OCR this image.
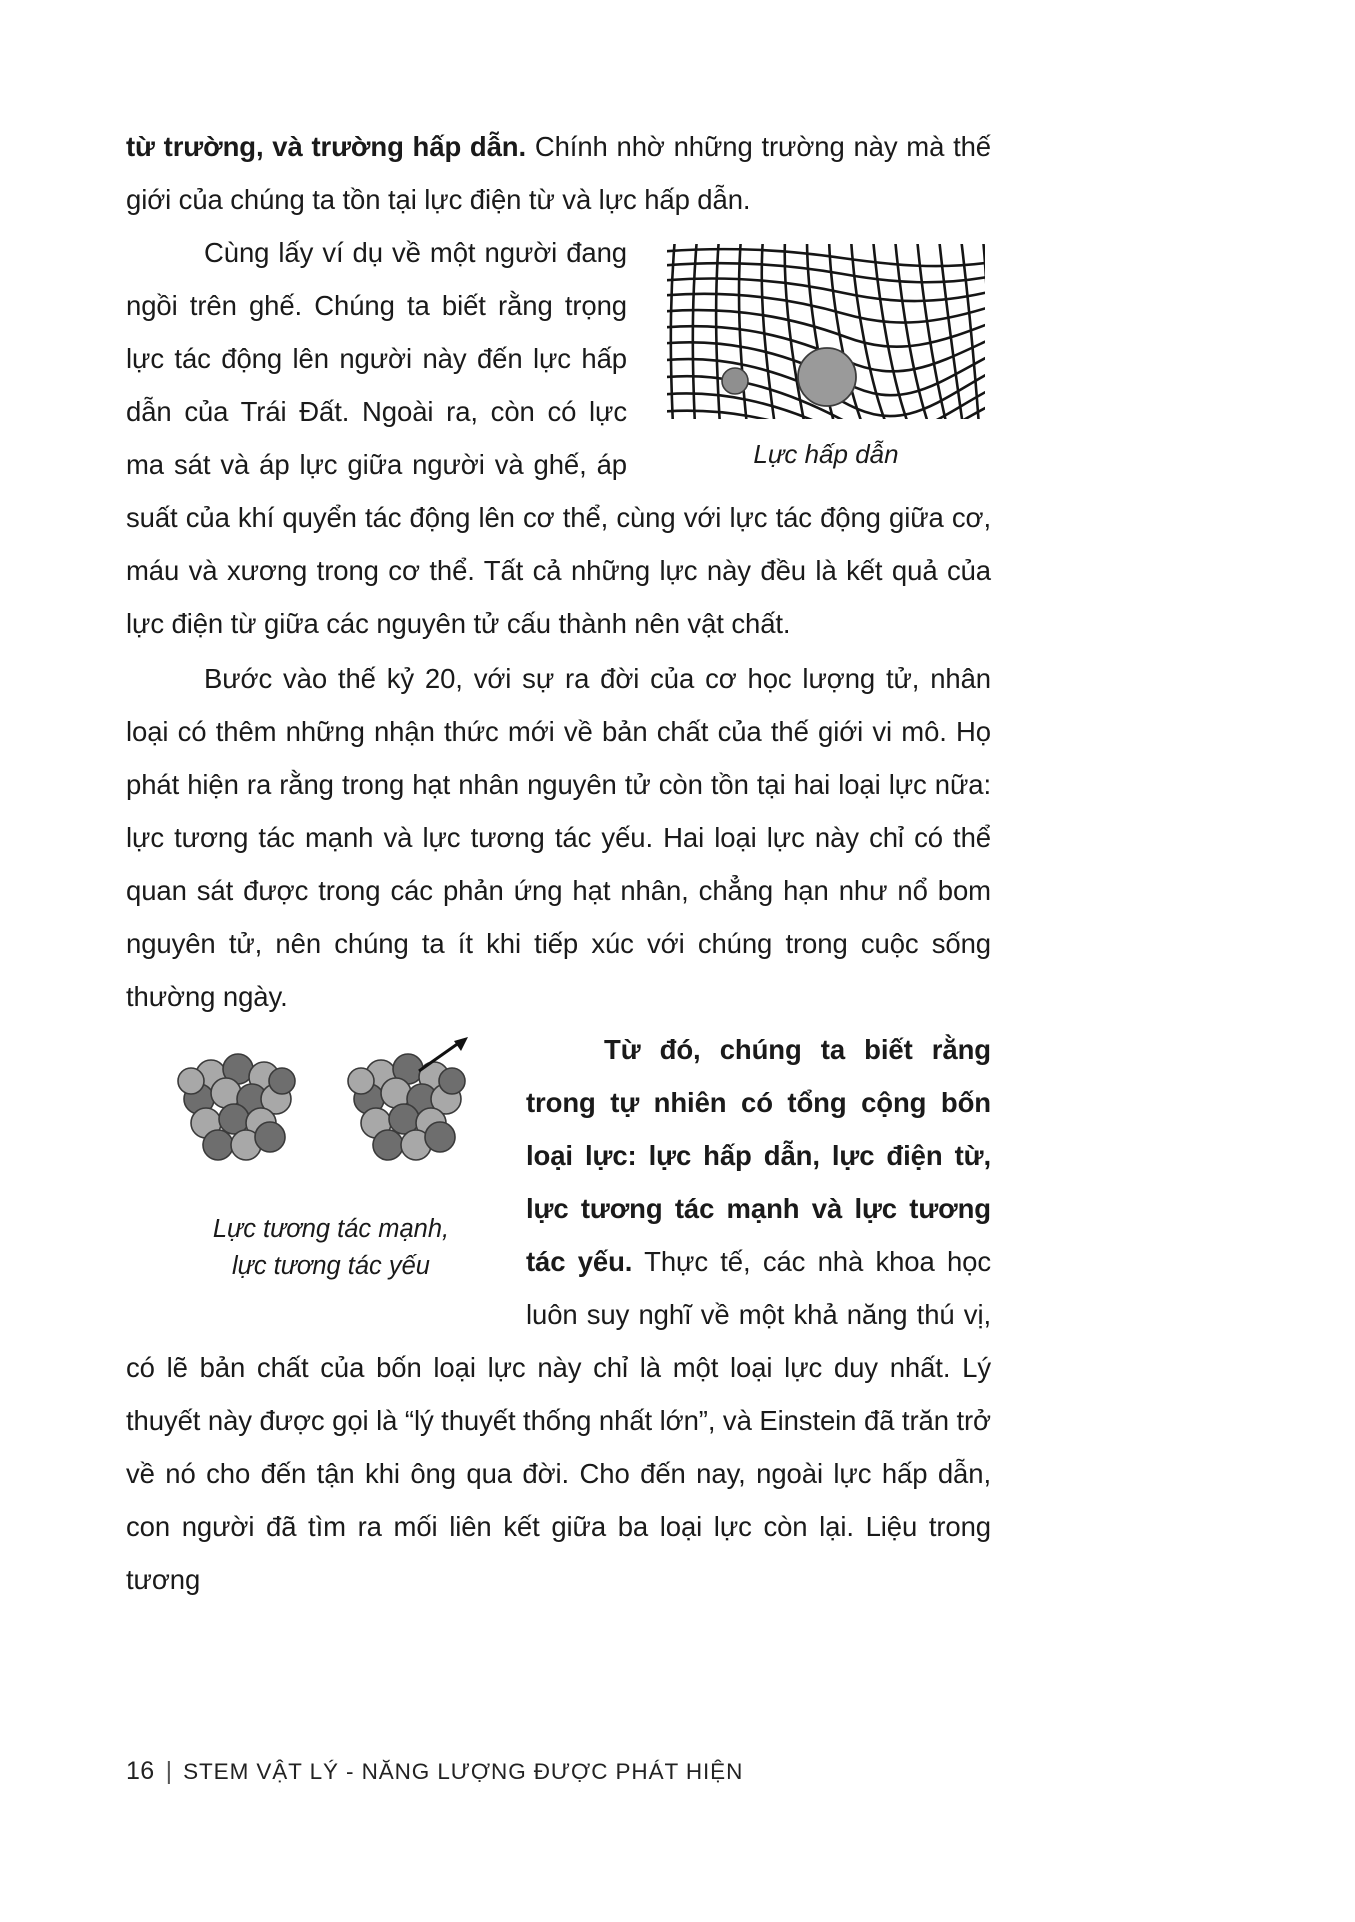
từ trường, và trường hấp dẫn. Chính nhờ những trường này mà thế giới của chúng ta tồn tại lực điện từ và lực hấp dẫn.

Lực hấp dẫn

Cùng lấy ví dụ về một người đang ngồi trên ghế. Chúng ta biết rằng trọng lực tác động lên người này đến lực hấp dẫn của Trái Đất. Ngoài ra, còn có lực ma sát và áp lực giữa người và ghế, áp suất của khí quyển tác động lên cơ thể, cùng với lực tác động giữa cơ, máu và xương trong cơ thể. Tất cả những lực này đều là kết quả của lực điện từ giữa các nguyên tử cấu thành nên vật chất.

Bước vào thế kỷ 20, với sự ra đời của cơ học lượng tử, nhân loại có thêm những nhận thức mới về bản chất của thế giới vi mô. Họ phát hiện ra rằng trong hạt nhân nguyên tử còn tồn tại hai loại lực nữa: lực tương tác mạnh và lực tương tác yếu. Hai loại lực này chỉ có thể quan sát được trong các phản ứng hạt nhân, chẳng hạn như nổ bom nguyên tử, nên chúng ta ít khi tiếp xúc với chúng trong cuộc sống thường ngày.

Lực tương tác mạnh,
lực tương tác yếu

Từ đó, chúng ta biết rằng trong tự nhiên có tổng cộng bốn loại lực: lực hấp dẫn, lực điện từ, lực tương tác mạnh và lực tương tác yếu. Thực tế, các nhà khoa học luôn suy nghĩ về một khả năng thú vị, có lẽ bản chất của bốn loại lực này chỉ là một loại lực duy nhất. Lý thuyết này được gọi là “lý thuyết thống nhất lớn”, và Einstein đã trăn trở về nó cho đến tận khi ông qua đời. Cho đến nay, ngoài lực hấp dẫn, con người đã tìm ra mối liên kết giữa ba loại lực còn lại. Liệu trong tương

16 | STEM VẬT LÝ - NĂNG LƯỢNG ĐƯỢC PHÁT HIỆN
